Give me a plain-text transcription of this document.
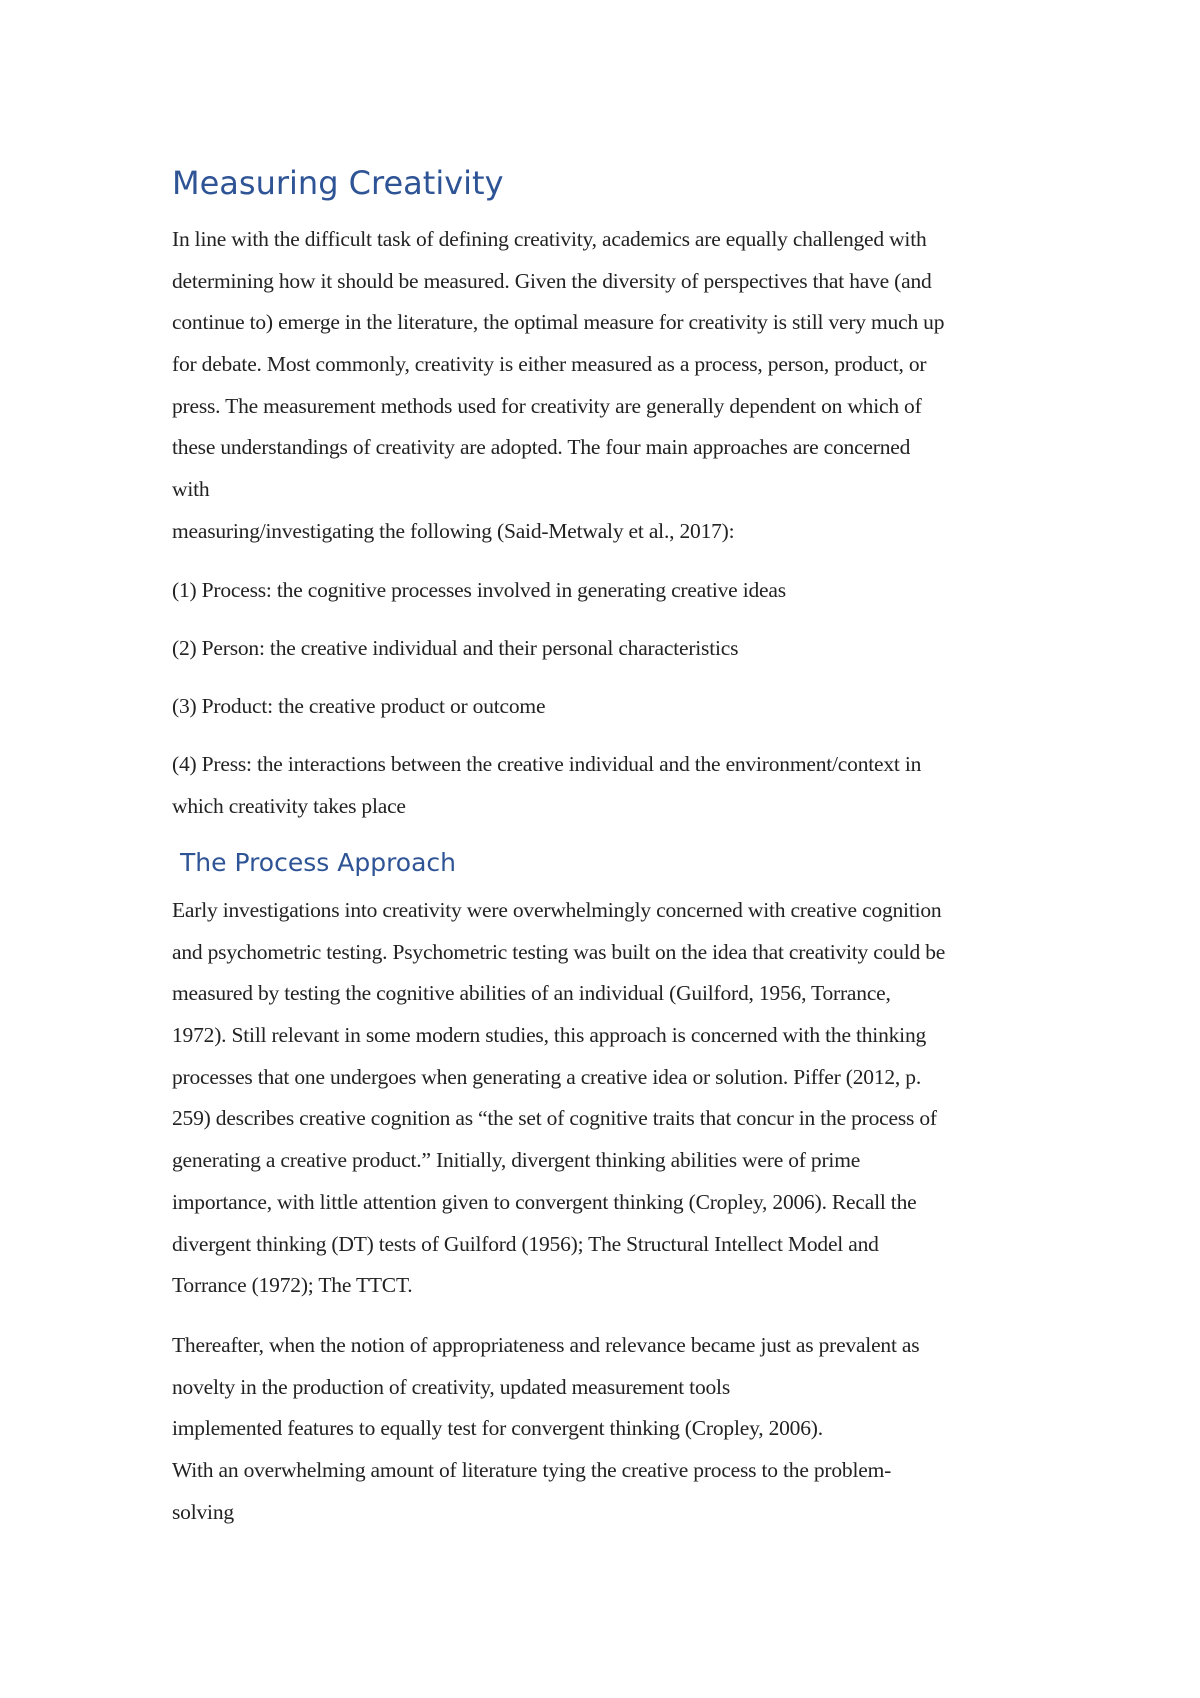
Measuring Creativity
In line with the difficult task of defining creativity, academics are equally challenged with
determining how it should be measured. Given the diversity of perspectives that have (and
continue to) emerge in the literature, the optimal measure for creativity is still very much up
for debate. Most commonly, creativity is either measured as a process, person, product, or
press. The measurement methods used for creativity are generally dependent on which of
these understandings of creativity are adopted. The four main approaches are concerned
with
measuring/investigating the following (Said-Metwaly et al., 2017):
(1) Process: the cognitive processes involved in generating creative ideas
(2) Person: the creative individual and their personal characteristics
(3) Product: the creative product or outcome
(4) Press: the interactions between the creative individual and the environment/context in
which creativity takes place
The Process Approach
Early investigations into creativity were overwhelmingly concerned with creative cognition
and psychometric testing. Psychometric testing was built on the idea that creativity could be
measured by testing the cognitive abilities of an individual (Guilford, 1956, Torrance,
1972). Still relevant in some modern studies, this approach is concerned with the thinking
processes that one undergoes when generating a creative idea or solution. Piffer (2012, p.
259) describes creative cognition as “the set of cognitive traits that concur in the process of
generating a creative product.” Initially, divergent thinking abilities were of prime
importance, with little attention given to convergent thinking (Cropley, 2006). Recall the
divergent thinking (DT) tests of Guilford (1956); The Structural Intellect Model and
Torrance (1972); The TTCT.
Thereafter, when the notion of appropriateness and relevance became just as prevalent as
novelty in the production of creativity, updated measurement tools
implemented features to equally test for convergent thinking (Cropley, 2006).
With an overwhelming amount of literature tying the creative process to the problem-
solving
